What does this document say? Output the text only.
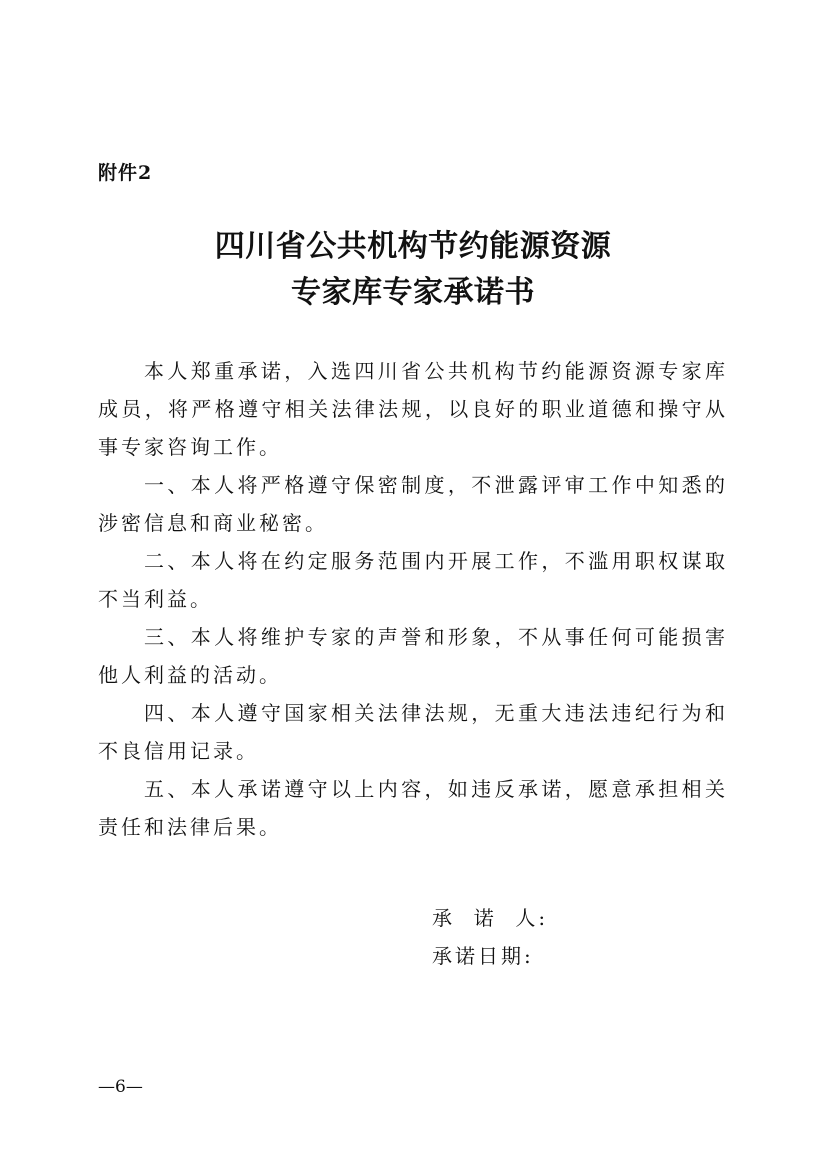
附件2
四川省公共机构节约能源资源
专家库专家承诺书

本人郑重承诺，入选四川省公共机构节约能源资源专家库成员，将严格遵守相关法律法规，以良好的职业道德和操守从事专家咨询工作。

一、本人将严格遵守保密制度，不泄露评审工作中知悉的涉密信息和商业秘密。

二、本人将在约定服务范围内开展工作，不滥用职权谋取不当利益。

三、本人将维护专家的声誉和形象，不从事任何可能损害他人利益的活动。

四、本人遵守国家相关法律法规，无重大违法违纪行为和不良信用记录。

五、本人承诺遵守以上内容，如违反承诺，愿意承担相关责任和法律后果。

承  诺  人:
承诺日期:
—6—
